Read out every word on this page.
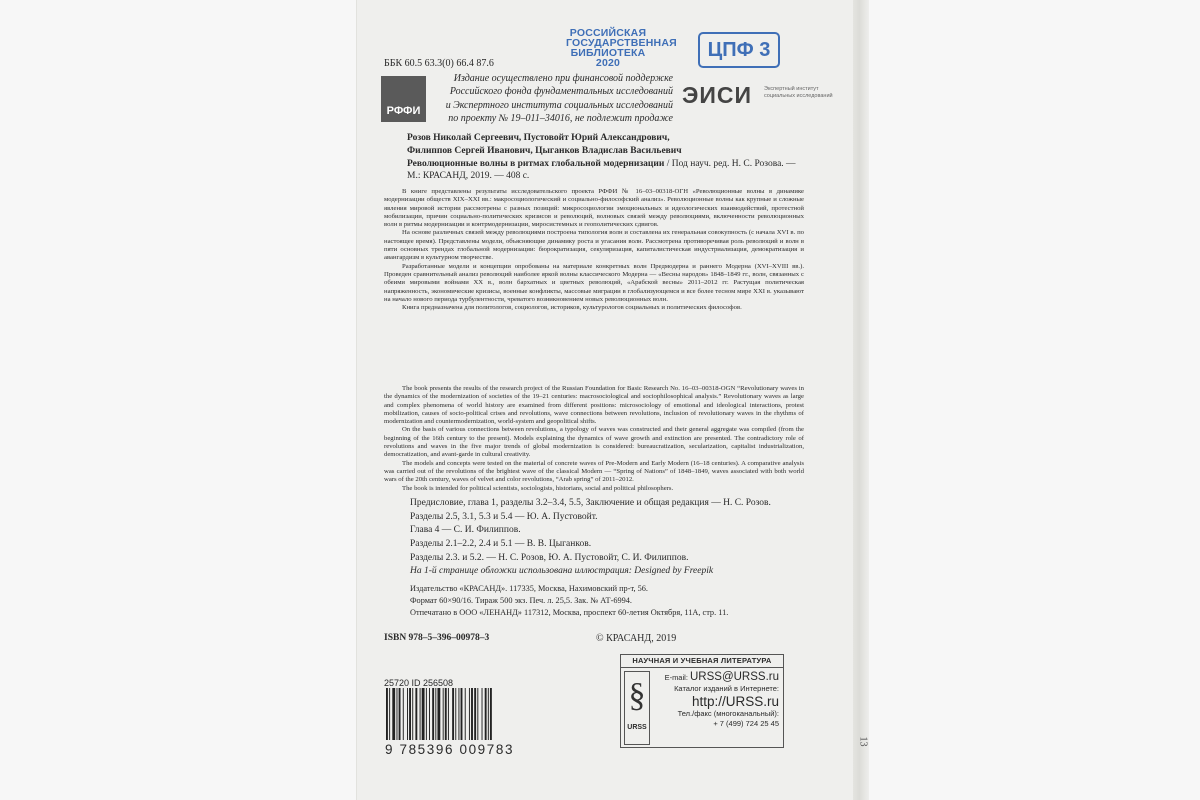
13
РОССИЙСКАЯ
ГОСУДАРСТВЕННАЯ
БИБЛИОТЕКА
2020
ЦПФ 3
ББК 60.5 63.3(0) 66.4 87.6
РФФИ
Издание осуществлено при финансовой поддержке
Российского фонда фундаментальных исследований
и Экспертного института социальных исследований
по проекту № 19–011–34016, не подлежит продаже
ЭИСИ Экспертный институт социальных исследований
Розов Николай Сергеевич, Пустовойт Юрий Александрович,
Филиппов Сергей Иванович, Цыганков Владислав Васильевич
Революционные волны в ритмах глобальной модернизации / Под науч. ред. Н. С. Розова. — М.: КРАСАНД, 2019. — 408 с.

В книге представлены результаты исследовательского проекта РФФИ № 16–03–00318-ОГН «Революционные волны в динамике модернизации обществ XIX–XXI вв.: макросоциологический и социально-философский анализ». Революционные волны как крупные и сложные явления мировой истории рассмотрены с разных позиций: микросоциологии эмоциональных и идеологических взаимодействий, протестной мобилизации, причин социально-политических кризисов и революций, волновых связей между революциями, включенности революционных волн в ритмы модернизации и контрмодернизации, миросистемных и геополитических сдвигов.

На основе различных связей между революциями построена типология волн и составлена их генеральная совокупность (с начала XVI в. по настоящее время). Представлены модели, объясняющие динамику роста и угасания волн. Рассмотрена противоречивая роль революций и волн в пяти основных трендах глобальной модернизации: бюрократизация, секуляризация, капиталистическая индустриализация, демократизация и авангардизм в культурном творчестве.

Разработанные модели и концепции опробованы на материале конкретных волн Предмодерна и раннего Модерна (XVI–XVIII вв.). Проведен сравнительный анализ революций наиболее яркой волны классического Модерна — «Весны народов» 1848–1849 гг., волн, связанных с обеими мировыми войнами XX в., волн бархатных и цветных революций, «Арабской весны» 2011–2012 гг. Растущая политическая напряженность, экономические кризисы, военные конфликты, массовые миграции в глобализующемся и все более тесном мире XXI в. указывают на начало нового периода турбулентности, чреватого возникновением новых революционных волн.

Книга предназначена для политологов, социологов, историков, культурологов социальных и политических философов.

The book presents the results of the research project of the Russian Foundation for Basic Research No. 16–03–00318-OGN “Revolutionary waves in the dynamics of the modernization of societies of the 19–21 centuries: macrosociological and sociophilosophical analysis.” Revolutionary waves as large and complex phenomena of world history are examined from different positions: microsociology of emotional and ideological interactions, protest mobilization, causes of socio-political crises and revolutions, wave connections between revolutions, inclusion of revolutionary waves in the rhythms of modernization and countermodernization, world-system and geopolitical shifts.

On the basis of various connections between revolutions, a typology of waves was constructed and their general aggregate was compiled (from the beginning of the 16th century to the present). Models explaining the dynamics of wave growth and extinction are presented. The contradictory role of revolutions and waves in the five major trends of global modernization is considered: bureaucratization, secularization, capitalist industrialization, democratization, and avant-garde in cultural creativity.

The models and concepts were tested on the material of concrete waves of Pre-Modern and Early Modern (16–18 centuries). A comparative analysis was carried out of the revolutions of the brightest wave of the classical Modern — “Spring of Nations” of 1848–1849, waves associated with both world wars of the 20th century, waves of velvet and color revolutions, “Arab spring” of 2011–2012.

The book is intended for political scientists, sociologists, historians, social and political philosophers.

Предисловие, глава 1, разделы 3.2–3.4, 5.5, Заключение и общая редакция — Н. С. Розов.
Разделы 2.5, 3.1, 5.3 и 5.4 — Ю. А. Пустовойт.
Глава 4 — С. И. Филиппов.
Разделы 2.1–2.2, 2.4 и 5.1 — В. В. Цыганков.
Разделы 2.3. и 5.2. — Н. С. Розов, Ю. А. Пустовойт, С. И. Филиппов.
На 1-й странице обложки использована иллюстрация: Designed by Freepik
Издательство «КРАСАНД». 117335, Москва, Нахимовский пр-т, 56.
Формат 60×90/16. Тираж 500 экз. Печ. л. 25,5. Зак. № АТ-6994.
Отпечатано в ООО «ЛЕНАНД» 117312, Москва, проспект 60-летия Октября, 11А, стр. 11.
ISBN 978–5–396–00978–3	© КРАСАНД, 2019
25720 ID 256508
9 785396 009783
НАУЧНАЯ И УЧЕБНАЯ ЛИТЕРАТУРА
§
URSS
E-mail: URSS@URSS.ru
Каталог изданий в Интернете:
http://URSS.ru
Тел./факс (многоканальный):
+ 7 (499) 724 25 45
